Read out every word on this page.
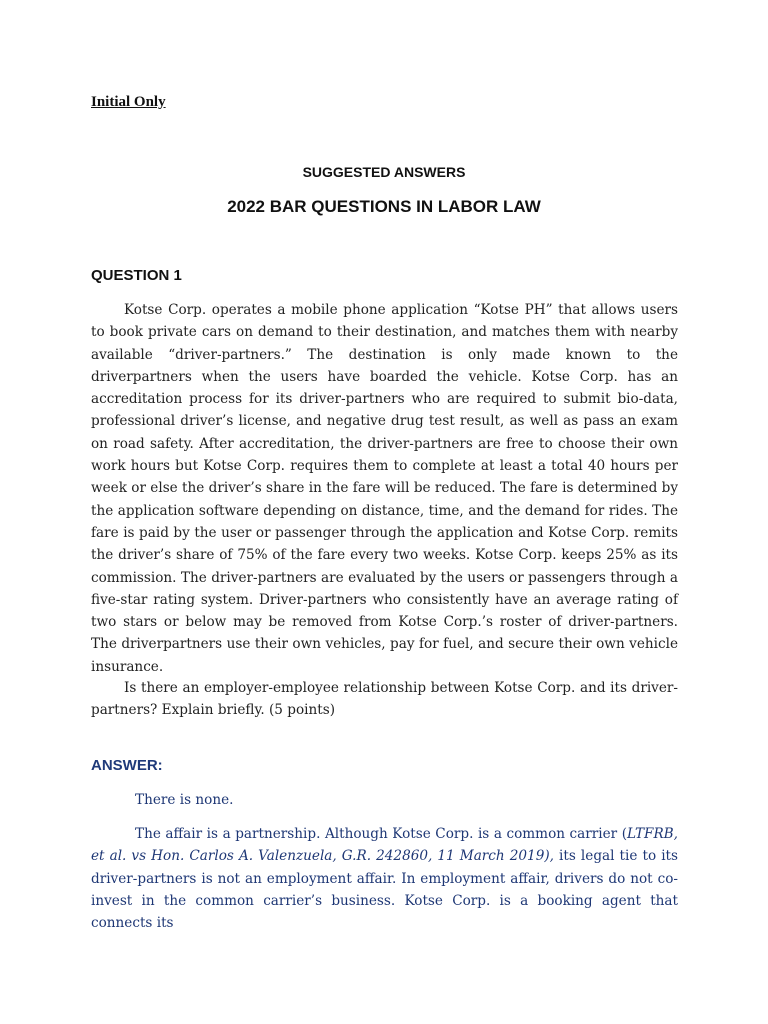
Initial Only
SUGGESTED ANSWERS
2022 BAR QUESTIONS IN LABOR LAW
QUESTION 1

Kotse Corp. operates a mobile phone application “Kotse PH” that allows users to book private cars on demand to their destination, and matches them with nearby available “driver-partners.” The destination is only made known to the driverpartners when the users have boarded the vehicle. Kotse Corp. has an accreditation process for its driver-partners who are required to submit bio-data, professional driver’s license, and negative drug test result, as well as pass an exam on road safety. After accreditation, the driver-partners are free to choose their own work hours but Kotse Corp. requires them to complete at least a total 40 hours per week or else the driver’s share in the fare will be reduced. The fare is determined by the application software depending on distance, time, and the demand for rides. The fare is paid by the user or passenger through the application and Kotse Corp. remits the driver’s share of 75% of the fare every two weeks. Kotse Corp. keeps 25% as its commission. The driver-partners are evaluated by the users or passengers through a five-star rating system. Driver-partners who consistently have an average rating of two stars or below may be removed from Kotse Corp.’s roster of driver-partners. The driverpartners use their own vehicles, pay for fuel, and secure their own vehicle insurance.

Is there an employer-employee relationship between Kotse Corp. and its driver-partners? Explain briefly. (5 points)

ANSWER:

There is none.

The affair is a partnership. Although Kotse Corp. is a common carrier (LTFRB, et al. vs Hon. Carlos A. Valenzuela, G.R. 242860, 11 March 2019), its legal tie to its driver-partners is not an employment affair. In employment affair, drivers do not co-invest in the common carrier’s business. Kotse Corp. is a booking agent that connects its
